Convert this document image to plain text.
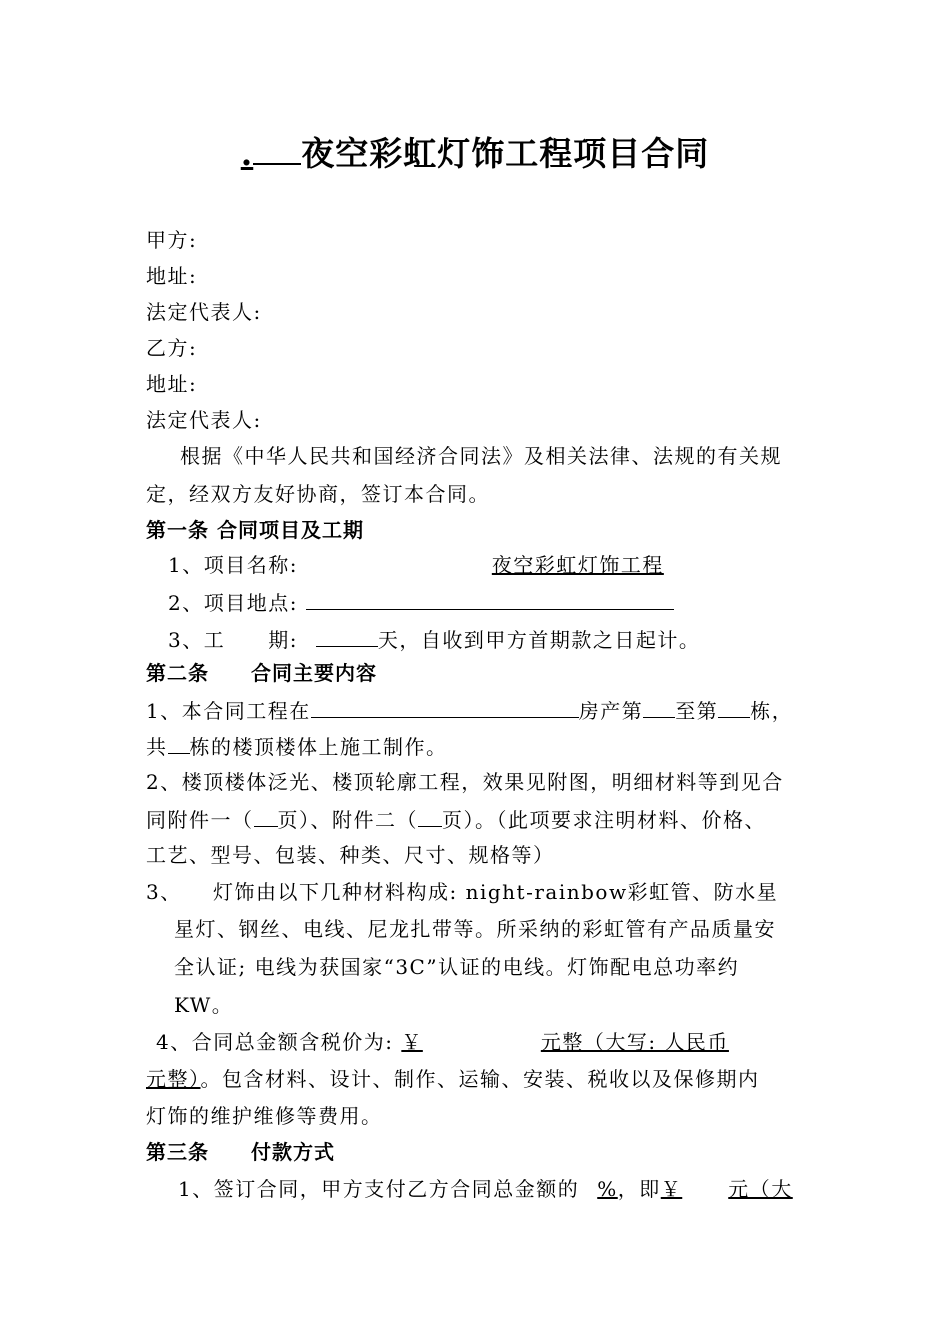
. 夜空彩虹灯饰工程项目合同
甲方:
地址:
法定代表人:
乙方:
地址:
法定代表人:
根据《中华人民共和国经济合同法》及相关法律、法规的有关规
定，经双方友好协商，签订本合同。
第一条 合同项目及工期
1、项目名称:	夜空彩虹灯饰工程
2、项目地点:
3、工　　期:	天，自收到甲方首期款之日起计。
第二条　　合同主要内容
1、本合同工程在	房产第 至第 栋，
共 栋的楼顶楼体上施工制作。
2、楼顶楼体泛光、楼顶轮廓工程，效果见附图，明细材料等到见合
同附件一（ 页）、附件二（ 页）。（此项要求注明材料、价格、
工艺、型号、包装、种类、尺寸、规格等）
3、 灯饰由以下几种材料构成: night-rainbow彩虹管、防水星
星灯、钢丝、电线、尼龙扎带等。所采纳的彩虹管有产品质量安
全认证; 电线为获国家“3C”认证的电线。灯饰配电总功率约
KW。
4、合同总金额含税价为: ￥	元整（大写: 人民币
元整）。包含材料、设计、制作、运输、安装、税收以及保修期内
灯饰的维护维修等费用。
第三条　　付款方式
1、签订合同，甲方支付乙方合同总金额的 %，即￥ 元（大
